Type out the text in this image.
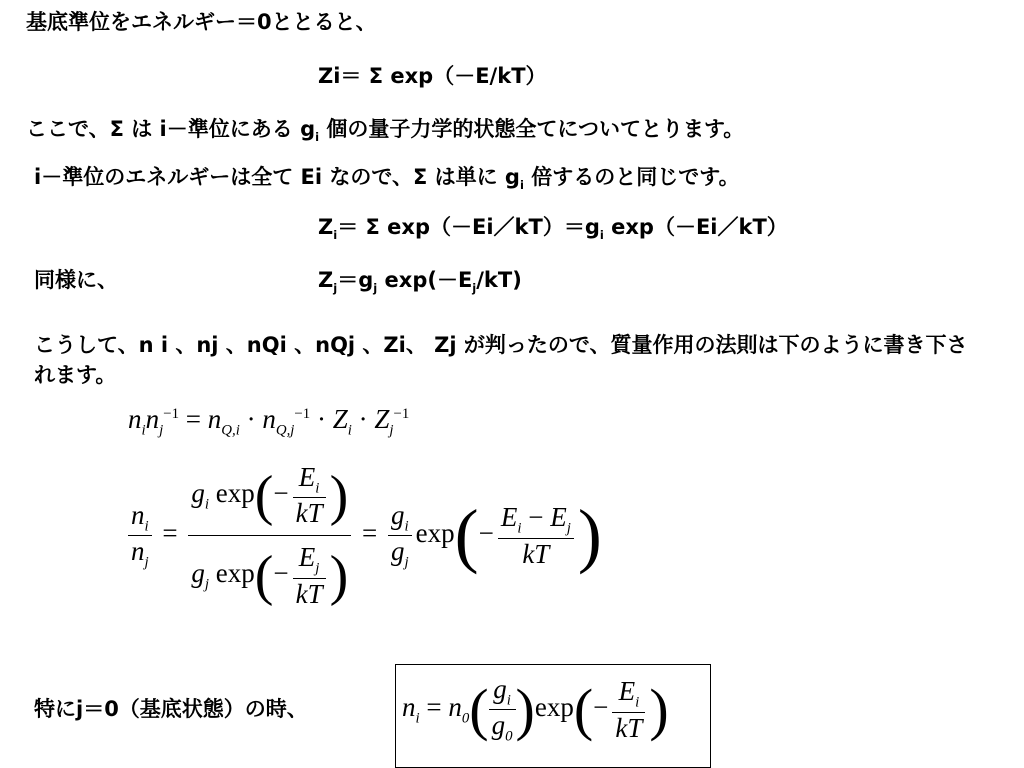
基底準位をエネルギー＝0ととると、
Zi＝ Σ exp（－E/kT）
ここで、Σ は i－準位にある $g_i$ 個の量子力学的状態全てについてとります。
i－準位のエネルギーは全て Ei なので、Σ は単に $g_i$ 倍するのと同じです。
$Z_i= \Sigma$ $\exp(-Ei/kT)=g_i$ exp（－Ei／kT）
同様に、	$Z_j=g_j$ $\exp(-E_j/kT)$
こうして、n i 、nj 、nQi 、nQj 、Zi、 Zj が判ったので、質量作用の法則は下のように書き下されます。
$n_in_j^{-1} = n_{Q,i} \cdot n_{Q,j}^{-1} \cdot Z_i \cdot Z_j^{-1}$
$\frac{n_i}{n_j} = \frac{g_i \exp(- \frac{E_i}{kT} )}{g_j \exp(- \frac{E_j}{kT} )} = \frac{g_i}{g_j} \exp(- \frac{E_i - E_j}{kT}$ )
特にj＝0（基底状態）の時、	$n_i = n_0( \frac{g_i}{g_0} )\exp(- \frac{E_i}{kT}$ )
